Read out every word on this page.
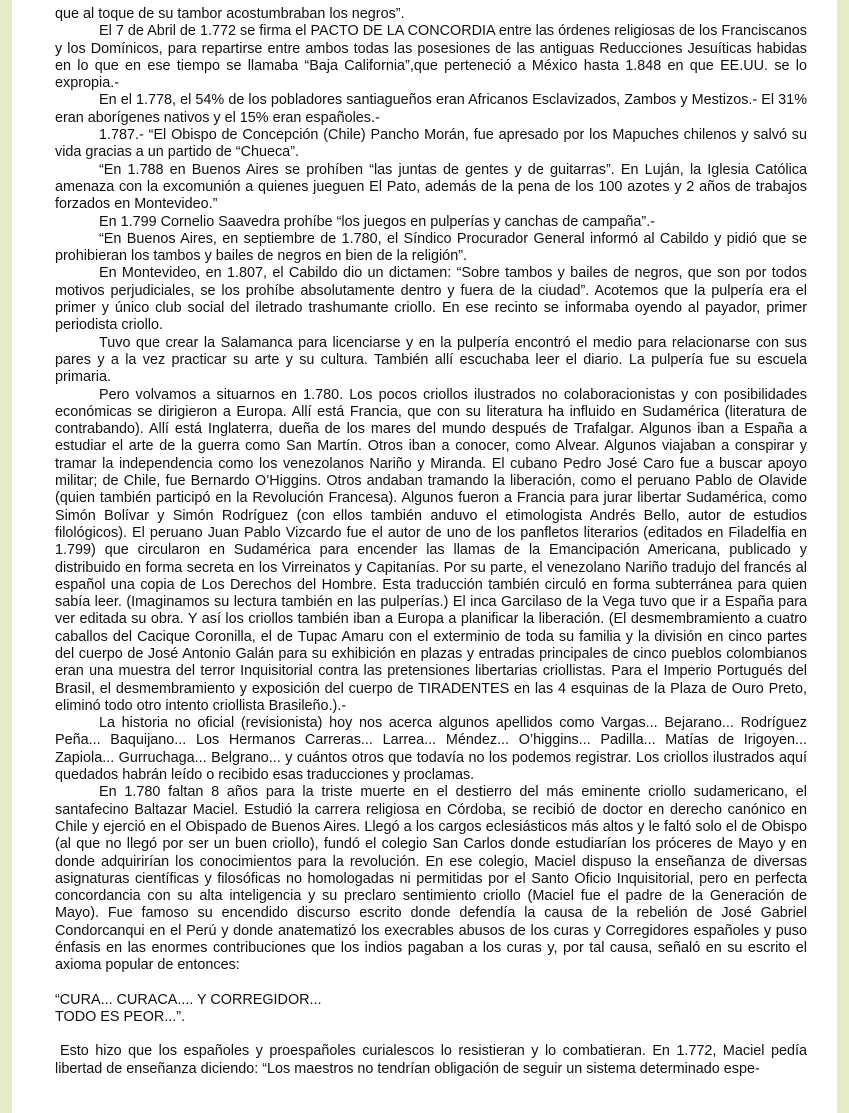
que al toque de su tambor acostumbraban los negros”.

El 7 de Abril de 1.772 se firma el PACTO DE LA CONCORDIA entre las órdenes religiosas de los Franciscanos y los Domínicos, para repartirse entre ambos todas las posesiones de las antiguas Reducciones Jesuíticas habidas en lo que en ese tiempo se llamaba “Baja California”,que perteneció a México hasta 1.848 en que EE.UU. se lo expropia.-

En el 1.778, el 54% de los pobladores santiagueños eran Africanos Esclavizados, Zambos y Mestizos.- El 31% eran aborígenes nativos y el 15% eran españoles.-

1.787.- “El Obispo de Concepción (Chile) Pancho Morán, fue apresado por los Mapuches chilenos y salvó su vida gracias a un partido de “Chueca”.

“En 1.788 en Buenos Aires se prohíben “las juntas de gentes y de guitarras”. En Luján, la Iglesia Católica amenaza con la excomunión a quienes jueguen El Pato, además de la pena de los 100 azotes y 2 años de trabajos forzados en Montevideo.”

En 1.799 Cornelio Saavedra prohíbe “los juegos en pulperías y canchas de campaña”.-

“En Buenos Aires, en septiembre de 1.780, el Síndico Procurador General informó al Cabildo y pidió que se prohibieran los tambos y bailes de negros en bien de la religión”.

En Montevideo, en 1.807, el Cabildo dio un dictamen: “Sobre tambos y bailes de negros, que son por todos motivos perjudiciales, se los prohíbe absolutamente dentro y fuera de la ciudad”. Acotemos que la pulpería era el primer y único club social del iletrado trashumante criollo. En ese recinto se informaba oyendo al payador, primer periodista criollo.

Tuvo que crear la Salamanca para licenciarse y en la pulpería encontró el medio para relacionarse con sus pares y a la vez practicar su arte y su cultura. También allí escuchaba leer el diario. La pulpería fue su escuela primaria.

Pero volvamos a situarnos en 1.780. Los pocos criollos ilustrados no colaboracionistas y con posibilidades económicas se dirigieron a Europa. Allí está Francia, que con su literatura ha influido en Sudamérica (literatura de contrabando). Allí está Inglaterra, dueña de los mares del mundo después de Trafalgar. Algunos iban a España a estudiar el arte de la guerra como San Martín. Otros iban a conocer, como Alvear. Algunos viajaban a conspirar y tramar la independencia como los venezolanos Nariño y Miranda. El cubano Pedro José Caro fue a buscar apoyo militar; de Chile, fue Bernardo O’Higgins. Otros andaban tramando la liberación, como el peruano Pablo de Olavide (quien también participó en la Revolución Francesa). Algunos fueron a Francia para jurar libertar Sudamérica, como Simón Bolívar y Simón Rodríguez (con ellos también anduvo el etimologista Andrés Bello, autor de estudios filológicos). El peruano Juan Pablo Vizcardo fue el autor de uno de los panfletos literarios (editados en Filadelfia en 1.799) que circularon en Sudamérica para encender las llamas de la Emancipación Americana, publicado y distribuido en forma secreta en los Virreinatos y Capitanías. Por su parte, el venezolano Nariño tradujo del francés al español una copia de Los Derechos del Hombre. Esta traducción también circuló en forma subterránea para quien sabía leer. (Imaginamos su lectura también en las pulperías.) El inca Garcilaso de la Vega tuvo que ir a España para ver editada su obra. Y así los criollos también iban a Europa a planificar la liberación. (El desmembramiento a cuatro caballos del Cacique Coronilla, el de Tupac Amaru con el exterminio de toda su familia y la división en cinco partes del cuerpo de José Antonio Galán para su exhibición en plazas y entradas principales de cinco pueblos colombianos eran una muestra del terror Inquisitorial contra las pretensiones libertarias criollistas. Para el Imperio Portugués del Brasil, el desmembramiento y exposición del cuerpo de TIRADENTES en las 4 esquinas de la Plaza de Ouro Preto, eliminó todo otro intento criollista Brasileño.).-

La historia no oficial (revisionista) hoy nos acerca algunos apellidos como Vargas... Bejarano... Rodríguez Peña... Baquijano... Los Hermanos Carreras... Larrea... Méndez... O’higgins... Padilla... Matías de Irigoyen... Zapiola... Gurruchaga... Belgrano... y cuántos otros que todavía no los podemos registrar. Los criollos ilustrados aquí quedados habrán leído o recibido esas traducciones y proclamas.

En 1.780 faltan 8 años para la triste muerte en el destierro del más eminente criollo sudamericano, el santafecino Baltazar Maciel. Estudió la carrera religiosa en Córdoba, se recibió de doctor en derecho canónico en Chile y ejerció en el Obispado de Buenos Aires. Llegó a los cargos eclesiásticos más altos y le faltó solo el de Obispo (al que no llegó por ser un buen criollo), fundó el colegio San Carlos donde estudiarían los próceres de Mayo y en donde adquirirían los conocimientos para la revolución. En ese colegio, Maciel dispuso la enseñanza de diversas asignaturas científicas y filosóficas no homologadas ni permitidas por el Santo Oficio Inquisitorial, pero en perfecta concordancia con su alta inteligencia y su preclaro sentimiento criollo (Maciel fue el padre de la Generación de Mayo). Fue famoso su encendido discurso escrito donde defendía la causa de la rebelión de José Gabriel Condorcanqui en el Perú y donde anatematizó los execrables abusos de los curas y Corregidores españoles y puso énfasis en las enormes contribuciones que los indios pagaban a los curas y, por tal causa, señaló en su escrito el axioma popular de entonces:

“CURA... CURACA.... Y CORREGIDOR...

TODO ES PEOR...”.

Esto hizo que los españoles y proespañoles curialescos lo resistieran y lo combatieran. En 1.772, Maciel pedía libertad de enseñanza diciendo: “Los maestros no tendrían obligación de seguir un sistema determinado espe-
